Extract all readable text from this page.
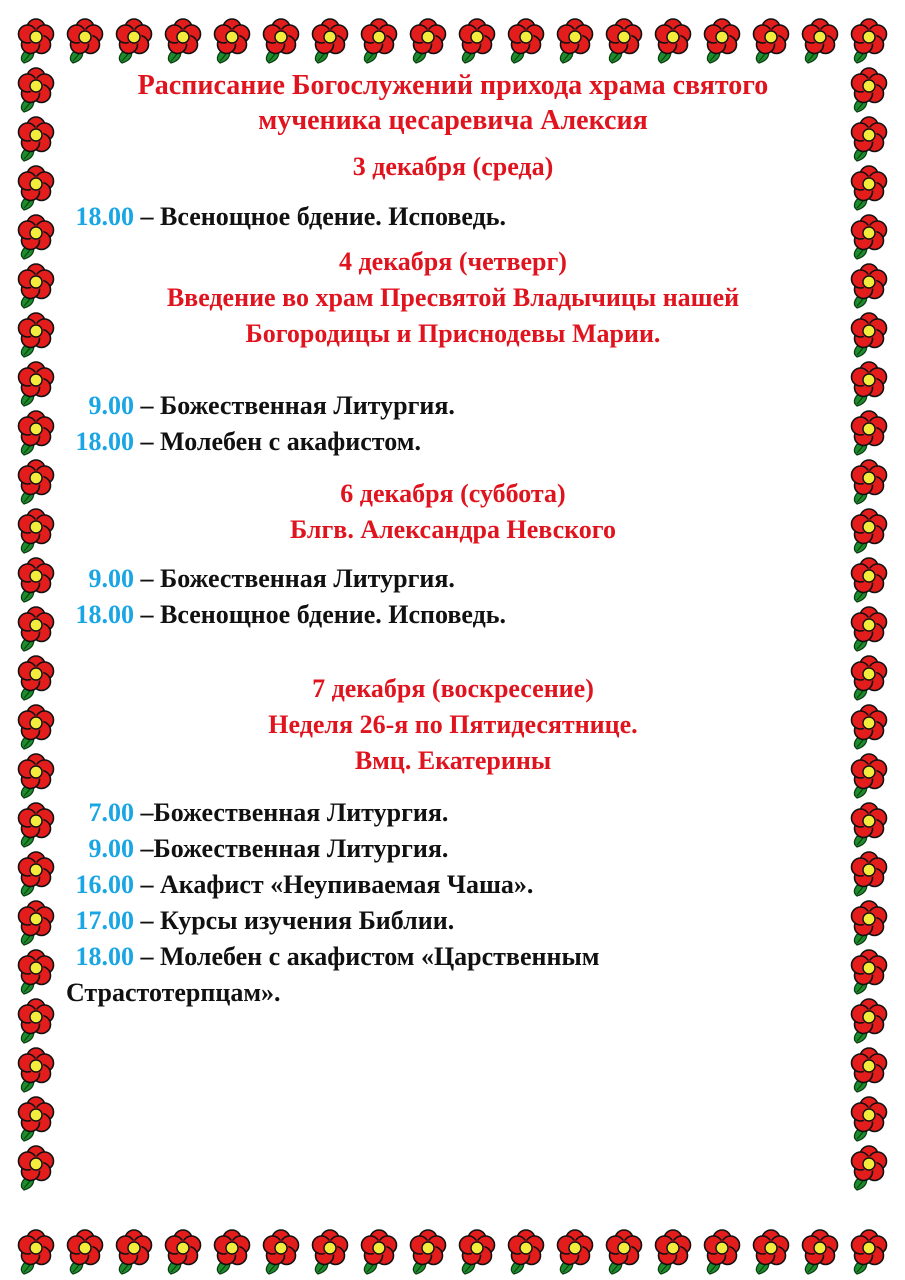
Расписание Богослужений прихода храма святого
мученика цесаревича Алексия
3 декабря (среда)
18.00 – Всенощное бдение. Исповедь.
4 декабря (четверг)
Введение во храм Пресвятой Владычицы нашей
Богородицы и Приснодевы Марии.
9.00 – Божественная Литургия.
18.00 – Молебен с акафистом.
6 декабря (суббота)
Блгв. Александра Невского
9.00 – Божественная Литургия.
18.00 – Всенощное бдение. Исповедь.
7 декабря (воскресение)
Неделя 26-я по Пятидесятнице.
Вмц. Екатерины
7.00 –Божественная Литургия.
9.00 –Божественная Литургия.
16.00 – Акафист «Неупиваемая Чаша».
17.00 – Курсы изучения Библии.
18.00 – Молебен с акафистом «Царственным
Страстотерпцам».
